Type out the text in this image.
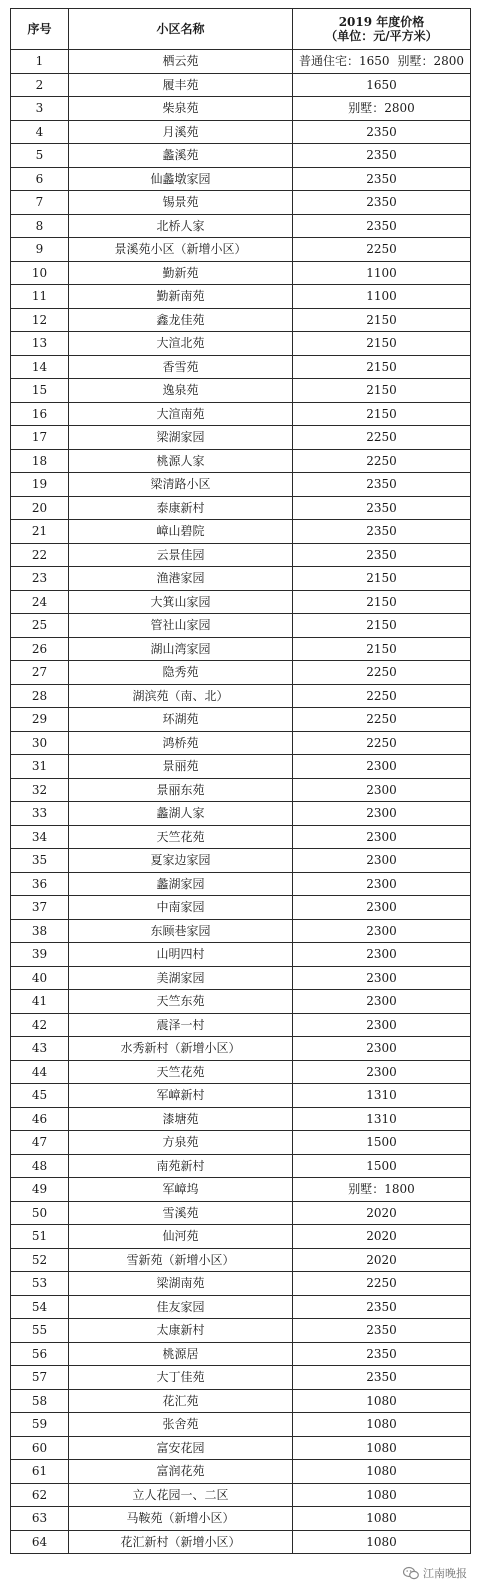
序号	小区名称	2019 年度价格
（单位：元/平方米）

1	栖云苑	普通住宅：1650 别墅：2800

2	履丰苑	1650
3	柴泉苑	别墅：2800
4	月溪苑	2350
5	蠡溪苑	2350
6	仙蠡墩家园	2350
7	锡景苑	2350
8	北桥人家	2350
9	景溪苑小区（新增小区）	2250
10	勤新苑	1100
11	勤新南苑	1100
12	鑫龙佳苑	2150
13	大渲北苑	2150
14	香雪苑	2150
15	逸泉苑	2150
16	大渲南苑	2150
17	梁湖家园	2250
18	桃源人家	2250
19	梁清路小区	2350
20	泰康新村	2350
21	嶂山碧院	2350
22	云景佳园	2350
23	渔港家园	2150
24	大箕山家园	2150
25	管社山家园	2150
26	湖山湾家园	2150
27	隐秀苑	2250
28	湖滨苑（南、北）	2250
29	环湖苑	2250
30	鸿桥苑	2250
31	景丽苑	2300
32	景丽东苑	2300
33	蠡湖人家	2300
34	天竺花苑	2300
35	夏家边家园	2300
36	蠡湖家园	2300
37	中南家园	2300
38	东顾巷家园	2300
39	山明四村	2300
40	美湖家园	2300
41	天竺东苑	2300
42	震泽一村	2300
43	水秀新村（新增小区）	2300
44	天竺花苑	2300
45	军嶂新村	1310
46	漆塘苑	1310
47	方泉苑	1500
48	南苑新村	1500
49	军嶂坞	别墅：1800
50	雪溪苑	2020
51	仙河苑	2020
52	雪新苑（新增小区）	2020
53	梁湖南苑	2250
54	佳友家园	2350
55	太康新村	2350
56	桃源居	2350
57	大丁佳苑	2350
58	花汇苑	1080
59	张舍苑	1080
60	富安花园	1080
61	富润花苑	1080
62	立人花园一、二区	1080
63	马鞍苑（新增小区）	1080
64	花汇新村（新增小区）	1080
江南晚报
